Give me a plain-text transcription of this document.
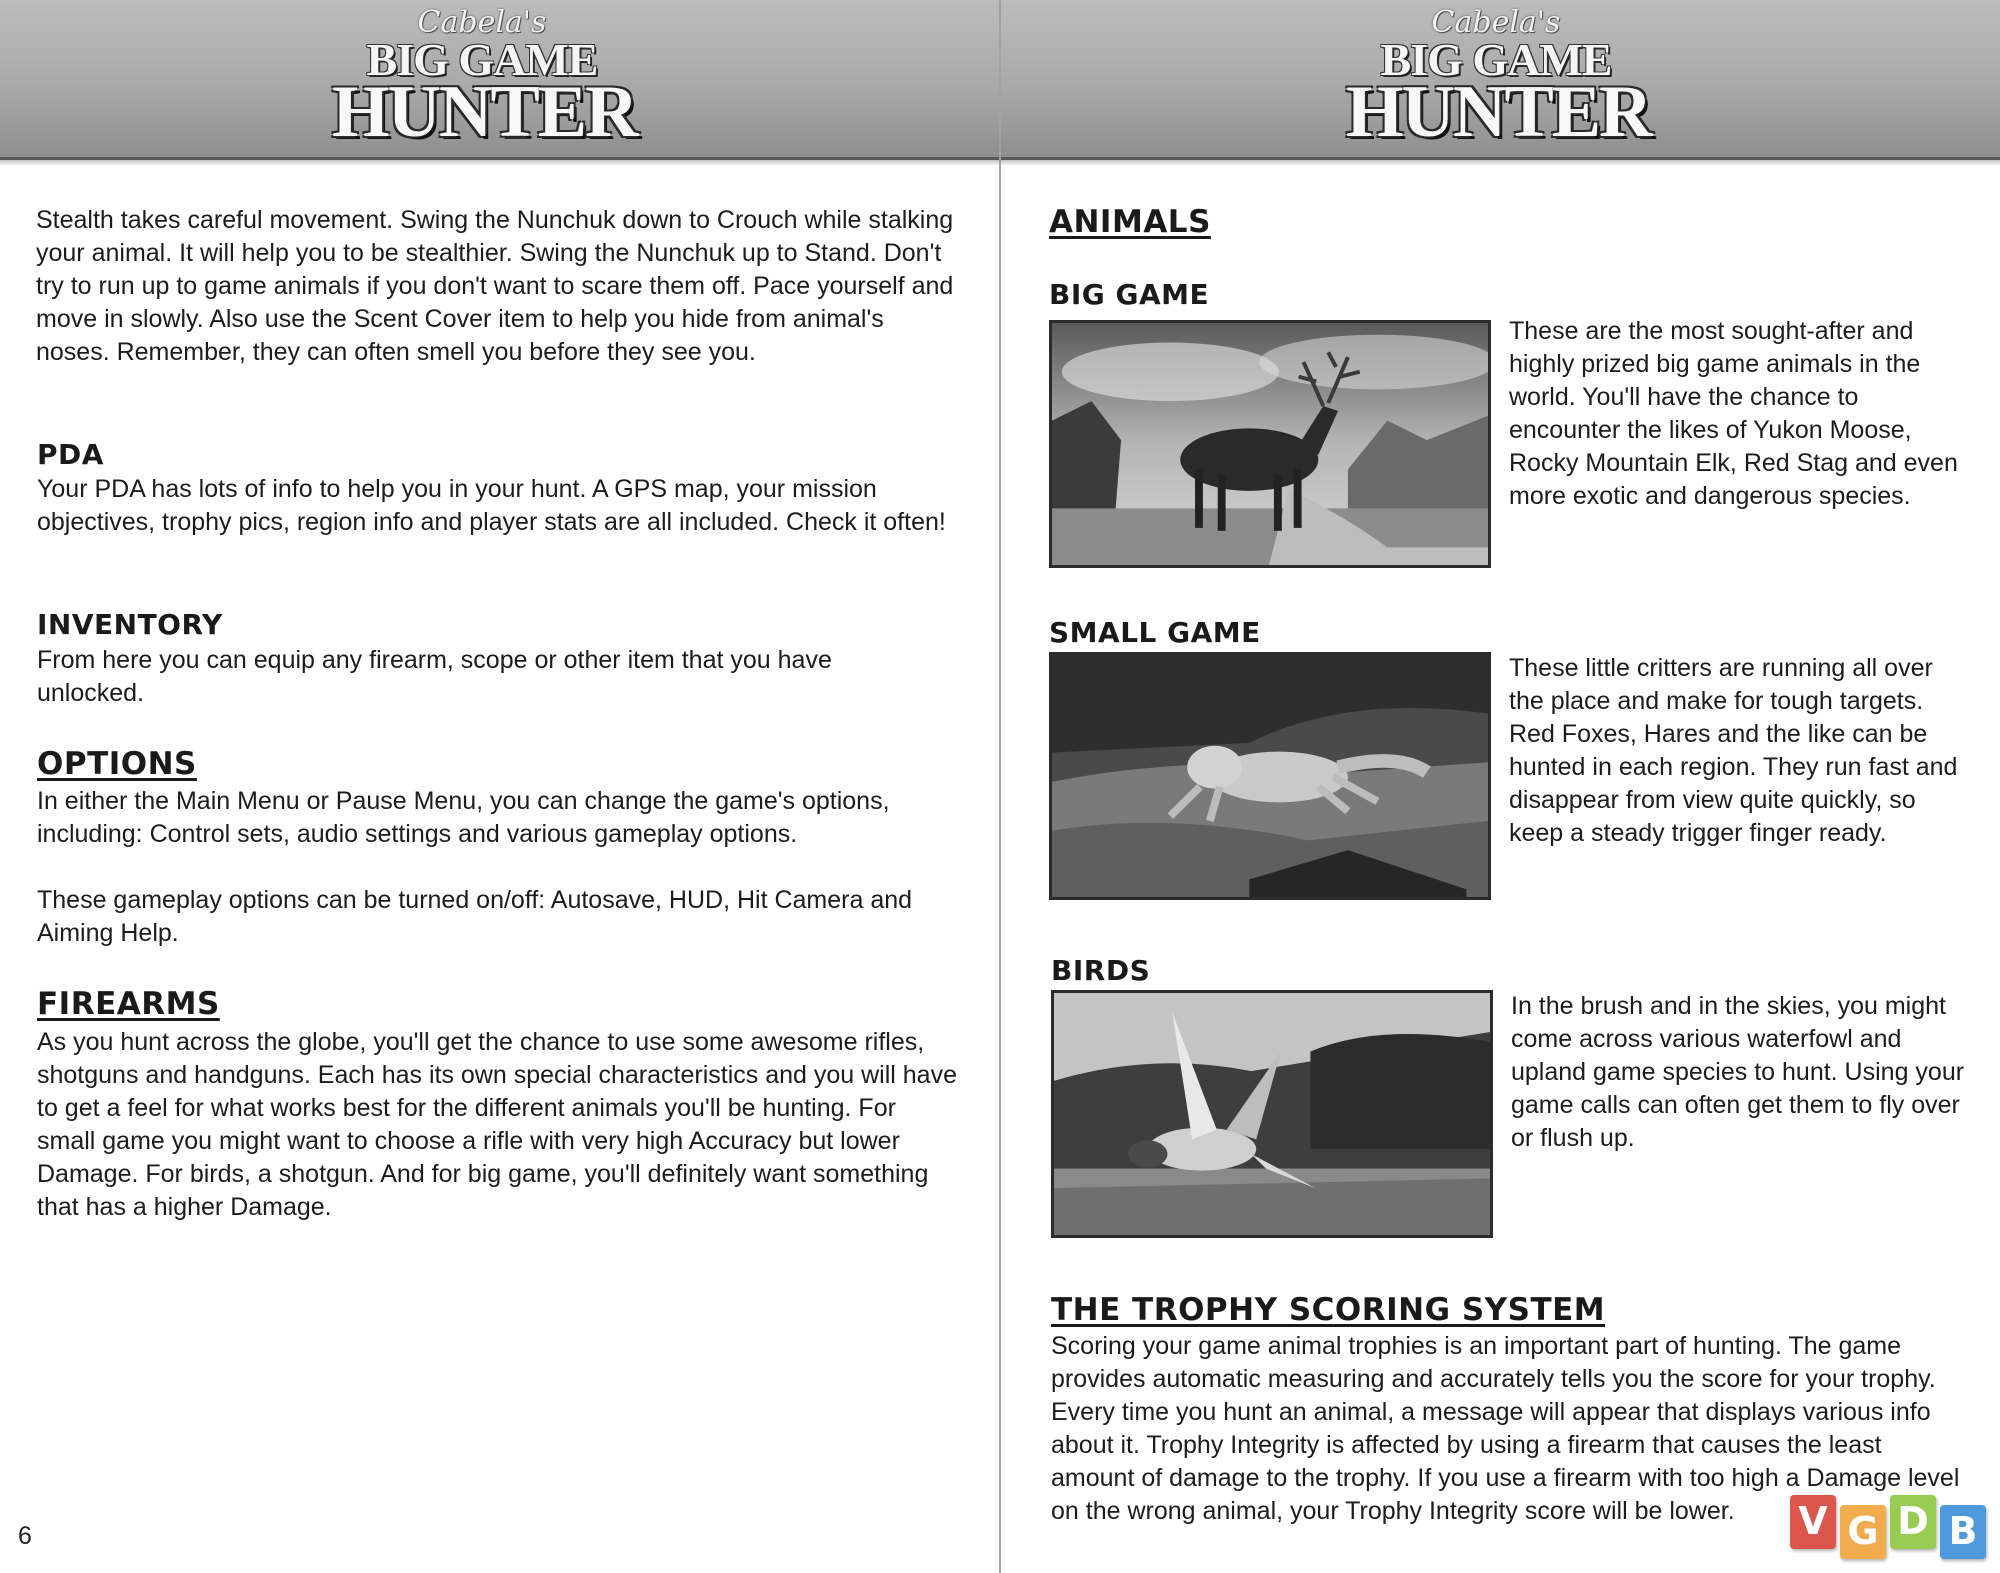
Cabela's
BIG GAME
HUNTER

Stealth takes careful movement. Swing the Nunchuk down to Crouch while stalking your animal. It will help you to be stealthier. Swing the Nunchuk up to Stand. Don't try to run up to game animals if you don't want to scare them off. Pace yourself and move in slowly. Also use the Scent Cover item to help you hide from animal's noses. Remember, they can often smell you before they see you.

PDA

Your PDA has lots of info to help you in your hunt. A GPS map, your mission objectives, trophy pics, region info and player stats are all included. Check it often!

INVENTORY

From here you can equip any firearm, scope or other item that you have unlocked.

OPTIONS

In either the Main Menu or Pause Menu, you can change the game's options, including: Control sets, audio settings and various gameplay options.

These gameplay options can be turned on/off: Autosave, HUD, Hit Camera and Aiming Help.

FIREARMS

As you hunt across the globe, you'll get the chance to use some awesome rifles, shotguns and handguns. Each has its own special characteristics and you will have to get a feel for what works best for the different animals you'll be hunting. For small game you might want to choose a rifle with very high Accuracy but lower Damage. For birds, a shotgun. And for big game, you'll definitely want something that has a higher Damage.

6
Cabela's
BIG GAME
HUNTER
ANIMALS
BIG GAME

These are the most sought-after and highly prized big game animals in the world. You'll have the chance to encounter the likes of Yukon Moose, Rocky Mountain Elk, Red Stag and even more exotic and dangerous species.

SMALL GAME

These little critters are running all over the place and make for tough targets. Red Foxes, Hares and the like can be hunted in each region. They run fast and disappear from view quite quickly, so keep a steady trigger finger ready.

BIRDS

In the brush and in the skies, you might come across various waterfowl and upland game species to hunt. Using your game calls can often get them to fly over or flush up.

THE TROPHY SCORING SYSTEM

Scoring your game animal trophies is an important part of hunting. The game provides automatic measuring and accurately tells you the score for your trophy. Every time you hunt an animal, a message will appear that displays various info about it. Trophy Integrity is affected by using a firearm that causes the least amount of damage to the trophy. If you use a firearm with too high a Damage level on the wrong animal, your Trophy Integrity score will be lower.	V G D B
